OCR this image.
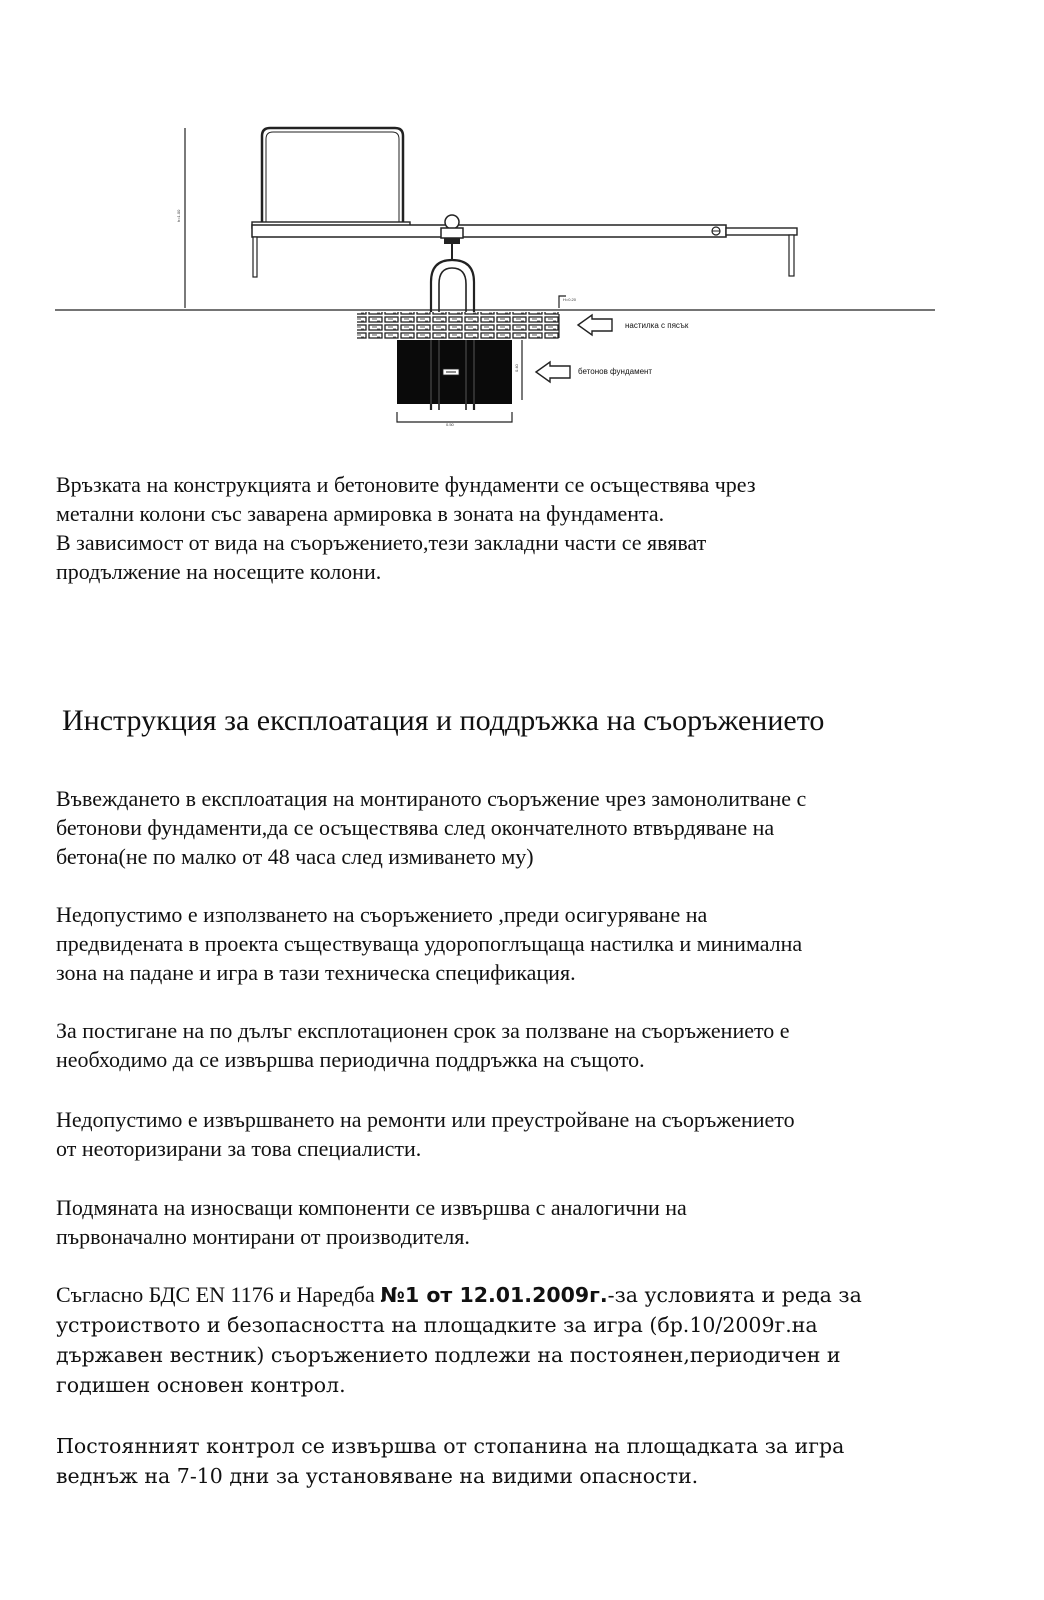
h=1.00
Н=0.20
0.40
0.50
настилка с пясък
бетонов фундамент

Връзката на конструкцията и бетоновите фундаменти се осъществява чрез
метални колони със заварена армировка в зоната на фундамента.
В зависимост от вида на съоръжението,тези закладни части се явяват
продължение на носещите колони.

Инструкция за експлоатация и поддръжка на съоръжението

Въвеждането в експлоатация на монтираното съоръжение чрез замонолитване с
бетонови фундаменти,да се осъществява след окончателното втвърдяване на
бетона(не по малко от 48 часа след измиването му)

Недопустимо е използването на съоръжението ,преди осигуряване на
предвидената в проекта съществуваща удоропоглъщаща настилка и минимална
зона на падане и игра в тази техническа спецификация.

За постигане на по дълъг експлотационен срок за ползване на съоръжението е
необходимо да се извършва периодична поддръжка на същото.

Недопустимо е извършването на ремонти или преустройване на съоръжението
от неоторизирани за това специалисти.

Подмяната на износващи компоненти се извършва с аналогични на
първоначално монтирани от производителя.

Съгласно БДС EN 1176 и Наредба №1 от 12.01.2009г.-за условията и реда за
устроиството и безопасността на площадките за игра (бр.10/2009г.на
държавен вестник) съоръжението подлежи на постоянен,периодичен и
годишен основен контрол.

Постоянният контрол се извършва от стопанина на площадката за игра
веднъж на 7-10 дни за установяване на видими опасности.
